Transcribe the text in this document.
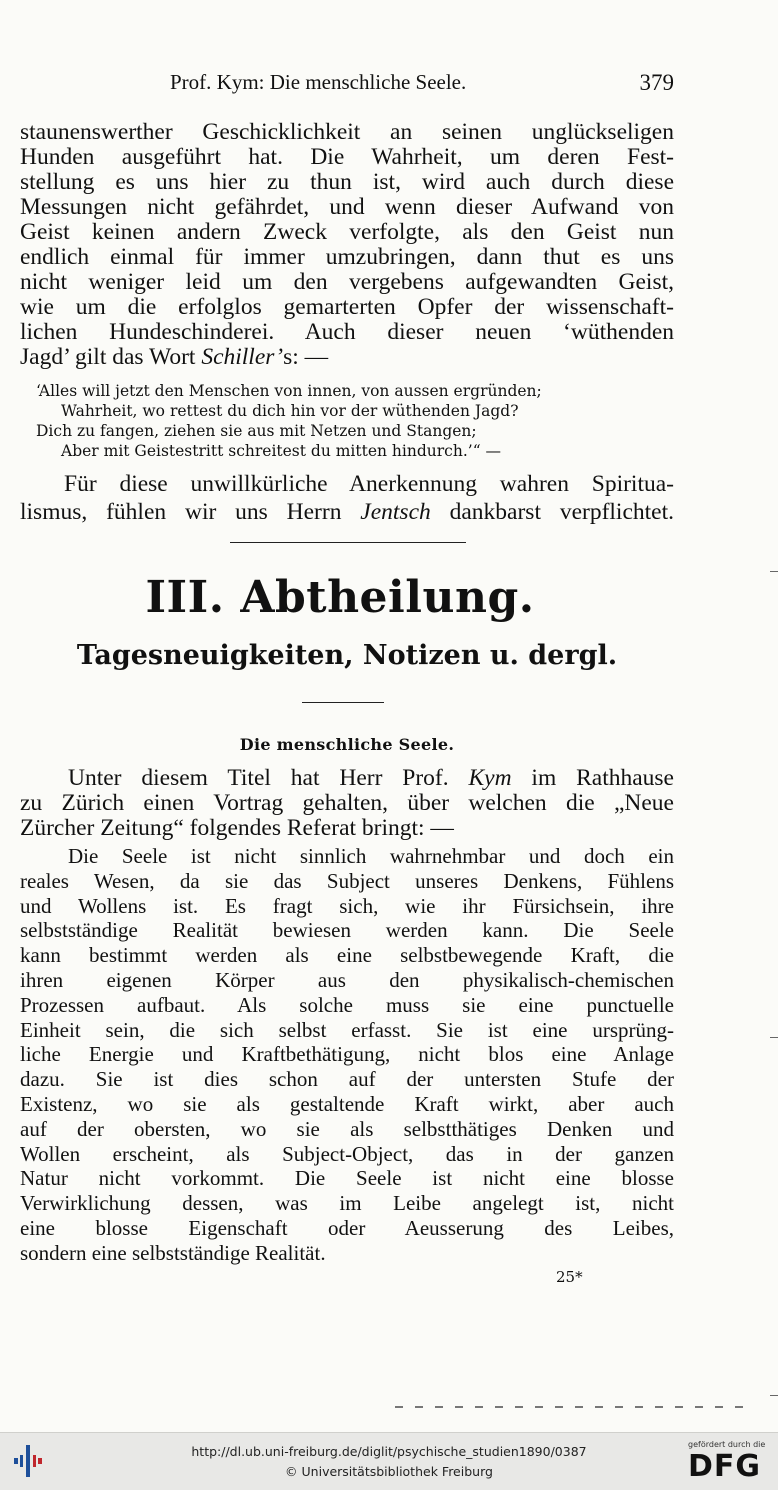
Prof. Kym: Die menschliche Seele.	379
staunenswerther Geschicklichkeit an seinen unglückseligen
Hunden ausgeführt hat. Die Wahrheit, um deren Fest-
stellung es uns hier zu thun ist, wird auch durch diese
Messungen nicht gefährdet, und wenn dieser Aufwand von
Geist keinen andern Zweck verfolgte, als den Geist nun
endlich einmal für immer umzubringen, dann thut es uns
nicht weniger leid um den vergebens aufgewandten Geist,
wie um die erfolglos gemarterten Opfer der wissenschaft-
lichen Hundeschinderei. Auch dieser neuen ‘wüthenden
Jagd’ gilt das Wort Schiller’s: —
‘Alles will jetzt den Menschen von innen, von aussen ergründen;
Wahrheit, wo rettest du dich hin vor der wüthenden Jagd?
Dich zu fangen, ziehen sie aus mit Netzen und Stangen;
Aber mit Geistestritt schreitest du mitten hindurch.’“ —
Für diese unwillkürliche Anerkennung wahren Spiritua-
lismus, fühlen wir uns Herrn Jentsch dankbarst verpflichtet.
III. Abtheilung.
Tagesneuigkeiten, Notizen u. dergl.
Die menschliche Seele.
Unter diesem Titel hat Herr Prof. Kym im Rathhause
zu Zürich einen Vortrag gehalten, über welchen die „Neue
Zürcher Zeitung“ folgendes Referat bringt: —
Die Seele ist nicht sinnlich wahrnehmbar und doch ein
reales Wesen, da sie das Subject unseres Denkens, Fühlens
und Wollens ist. Es fragt sich, wie ihr Fürsichsein, ihre
selbstständige Realität bewiesen werden kann. Die Seele
kann bestimmt werden als eine selbstbewegende Kraft, die
ihren eigenen Körper aus den physikalisch-chemischen
Prozessen aufbaut. Als solche muss sie eine punctuelle
Einheit sein, die sich selbst erfasst. Sie ist eine ursprüng-
liche Energie und Kraftbethätigung, nicht blos eine Anlage
dazu. Sie ist dies schon auf der untersten Stufe der
Existenz, wo sie als gestaltende Kraft wirkt, aber auch
auf der obersten, wo sie als selbstthätiges Denken und
Wollen erscheint, als Subject-Object, das in der ganzen
Natur nicht vorkommt. Die Seele ist nicht eine blosse
Verwirklichung dessen, was im Leibe angelegt ist, nicht
eine blosse Eigenschaft oder Aeusserung des Leibes,
sondern eine selbstständige Realität.
25*
http://dl.ub.uni-freiburg.de/diglit/psychische_studien1890/0387
© Universitätsbibliothek Freiburg
gefördert durch die
DFG
